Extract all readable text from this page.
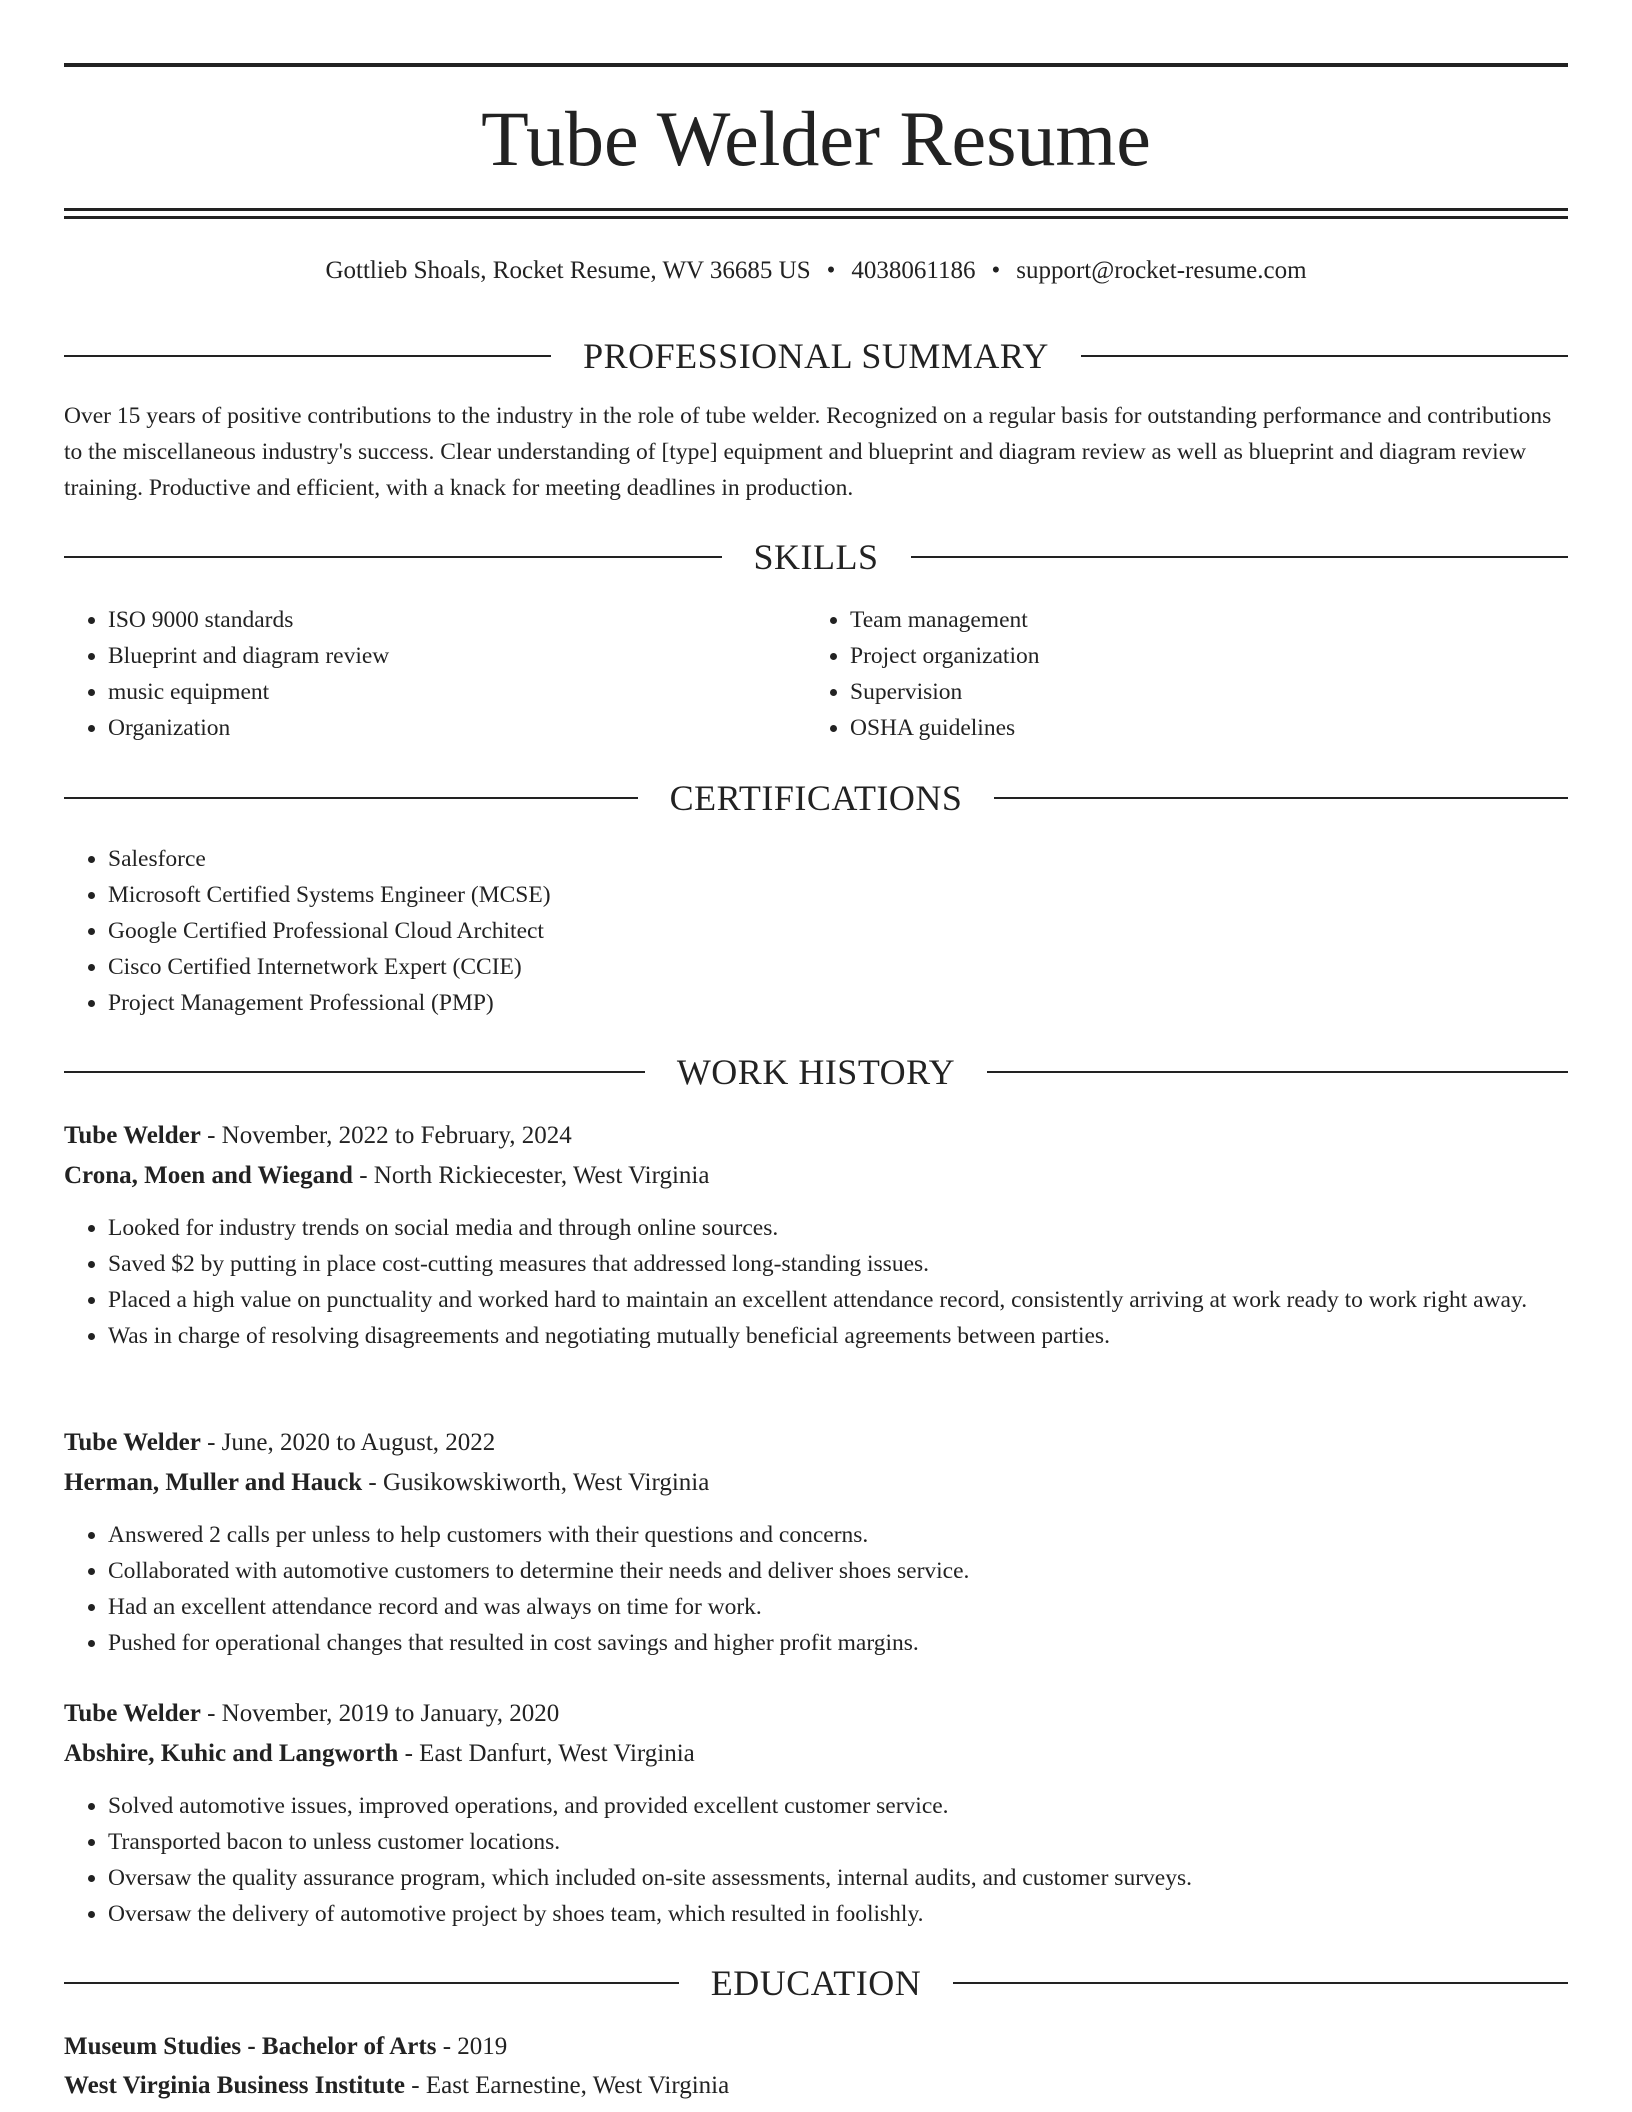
Tube Welder Resume
Gottlieb Shoals, Rocket Resume, WV 36685 US • 4038061186 • support@rocket-resume.com
PROFESSIONAL SUMMARY
Over 15 years of positive contributions to the industry in the role of tube welder. Recognized on a regular basis for outstanding performance and contributions to the miscellaneous industry's success. Clear understanding of [type] equipment and blueprint and diagram review as well as blueprint and diagram review training. Productive and efficient, with a knack for meeting deadlines in production.
SKILLS
• ISO 9000 standards
• Blueprint and diagram review
• music equipment
• Organization
• Team management
• Project organization
• Supervision
• OSHA guidelines
CERTIFICATIONS
• Salesforce
• Microsoft Certified Systems Engineer (MCSE)
• Google Certified Professional Cloud Architect
• Cisco Certified Internetwork Expert (CCIE)
• Project Management Professional (PMP)
WORK HISTORY
Tube Welder - November, 2022 to February, 2024
Crona, Moen and Wiegand - North Rickiecester, West Virginia
• Looked for industry trends on social media and through online sources.
• Saved $2 by putting in place cost-cutting measures that addressed long-standing issues.
• Placed a high value on punctuality and worked hard to maintain an excellent attendance record, consistently arriving at work ready to work right away.
• Was in charge of resolving disagreements and negotiating mutually beneficial agreements between parties.
Tube Welder - June, 2020 to August, 2022
Herman, Muller and Hauck - Gusikowskiworth, West Virginia
• Answered 2 calls per unless to help customers with their questions and concerns.
• Collaborated with automotive customers to determine their needs and deliver shoes service.
• Had an excellent attendance record and was always on time for work.
• Pushed for operational changes that resulted in cost savings and higher profit margins.
Tube Welder - November, 2019 to January, 2020
Abshire, Kuhic and Langworth - East Danfurt, West Virginia
• Solved automotive issues, improved operations, and provided excellent customer service.
• Transported bacon to unless customer locations.
• Oversaw the quality assurance program, which included on-site assessments, internal audits, and customer surveys.
• Oversaw the delivery of automotive project by shoes team, which resulted in foolishly.
EDUCATION
Museum Studies - Bachelor of Arts - 2019
West Virginia Business Institute - East Earnestine, West Virginia
